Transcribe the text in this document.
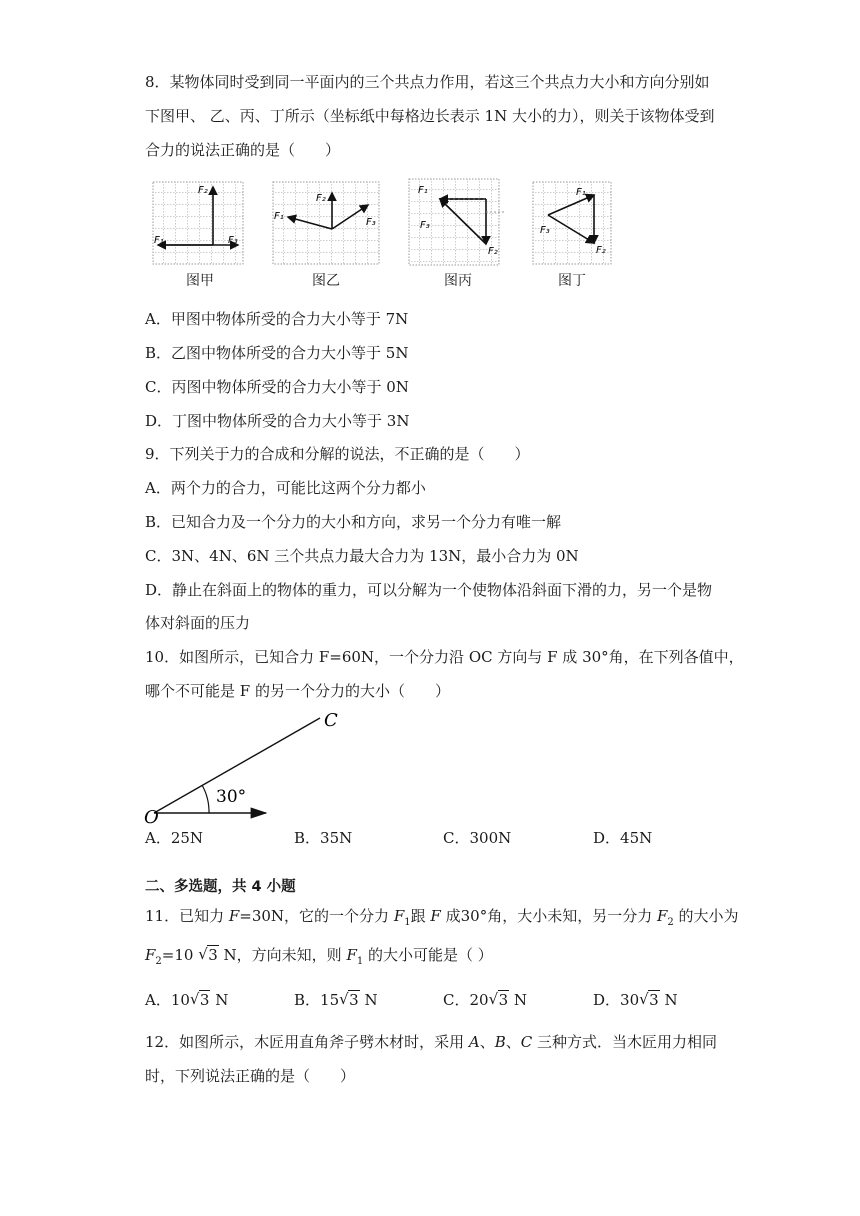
8．某物体同时受到同一平面内的三个共点力作用，若这三个共点力大小和方向分别如
下图甲、 乙、丙、丁所示（坐标纸中每格边长表示 1N 大小的力），则关于该物体受到
合力的说法正确的是（　　）
F₂
F₁	F₃
图甲
F₂
F₁
F₃
图乙
F₁
F₃
F₂
图丙
F₁
F₃
F₂
图丁
A．甲图中物体所受的合力大小等于 7N
B．乙图中物体所受的合力大小等于 5N
C．丙图中物体所受的合力大小等于 0N
D．丁图中物体所受的合力大小等于 3N
9．下列关于力的合成和分解的说法，不正确的是（　　）
A．两个力的合力，可能比这两个分力都小
B．已知合力及一个分力的大小和方向，求另一个分力有唯一解
C．3N、4N、6N 三个共点力最大合力为 13N，最小合力为 0N
D．静止在斜面上的物体的重力，可以分解为一个使物体沿斜面下滑的力，另一个是物
体对斜面的压力
10．如图所示，已知合力 F=60N，一个分力沿 OC 方向与 F 成 30°角，在下列各值中，
哪个不可能是 F 的另一个分力的大小（　　）
O
C
30°
A．25N	B．35N	C．300N	D．45N
二、多选题，共 4 小题
11．已知力 F=30N，它的一个分力 $F_1$跟 F 成30°角，大小未知，另一分力 $F_2$ 的大小为
$F_2=10$ √ 3 N，方向未知，则 $F_1$ 的大小可能是（ ）
A．10 √ 3 N	B．15 √ 3 N	C．20 √ 3 N	D．30 √ 3 N
12．如图所示，木匠用直角斧子劈木材时，采用 A、B、C 三种方式．当木匠用力相同
时，下列说法正确的是（　　）
